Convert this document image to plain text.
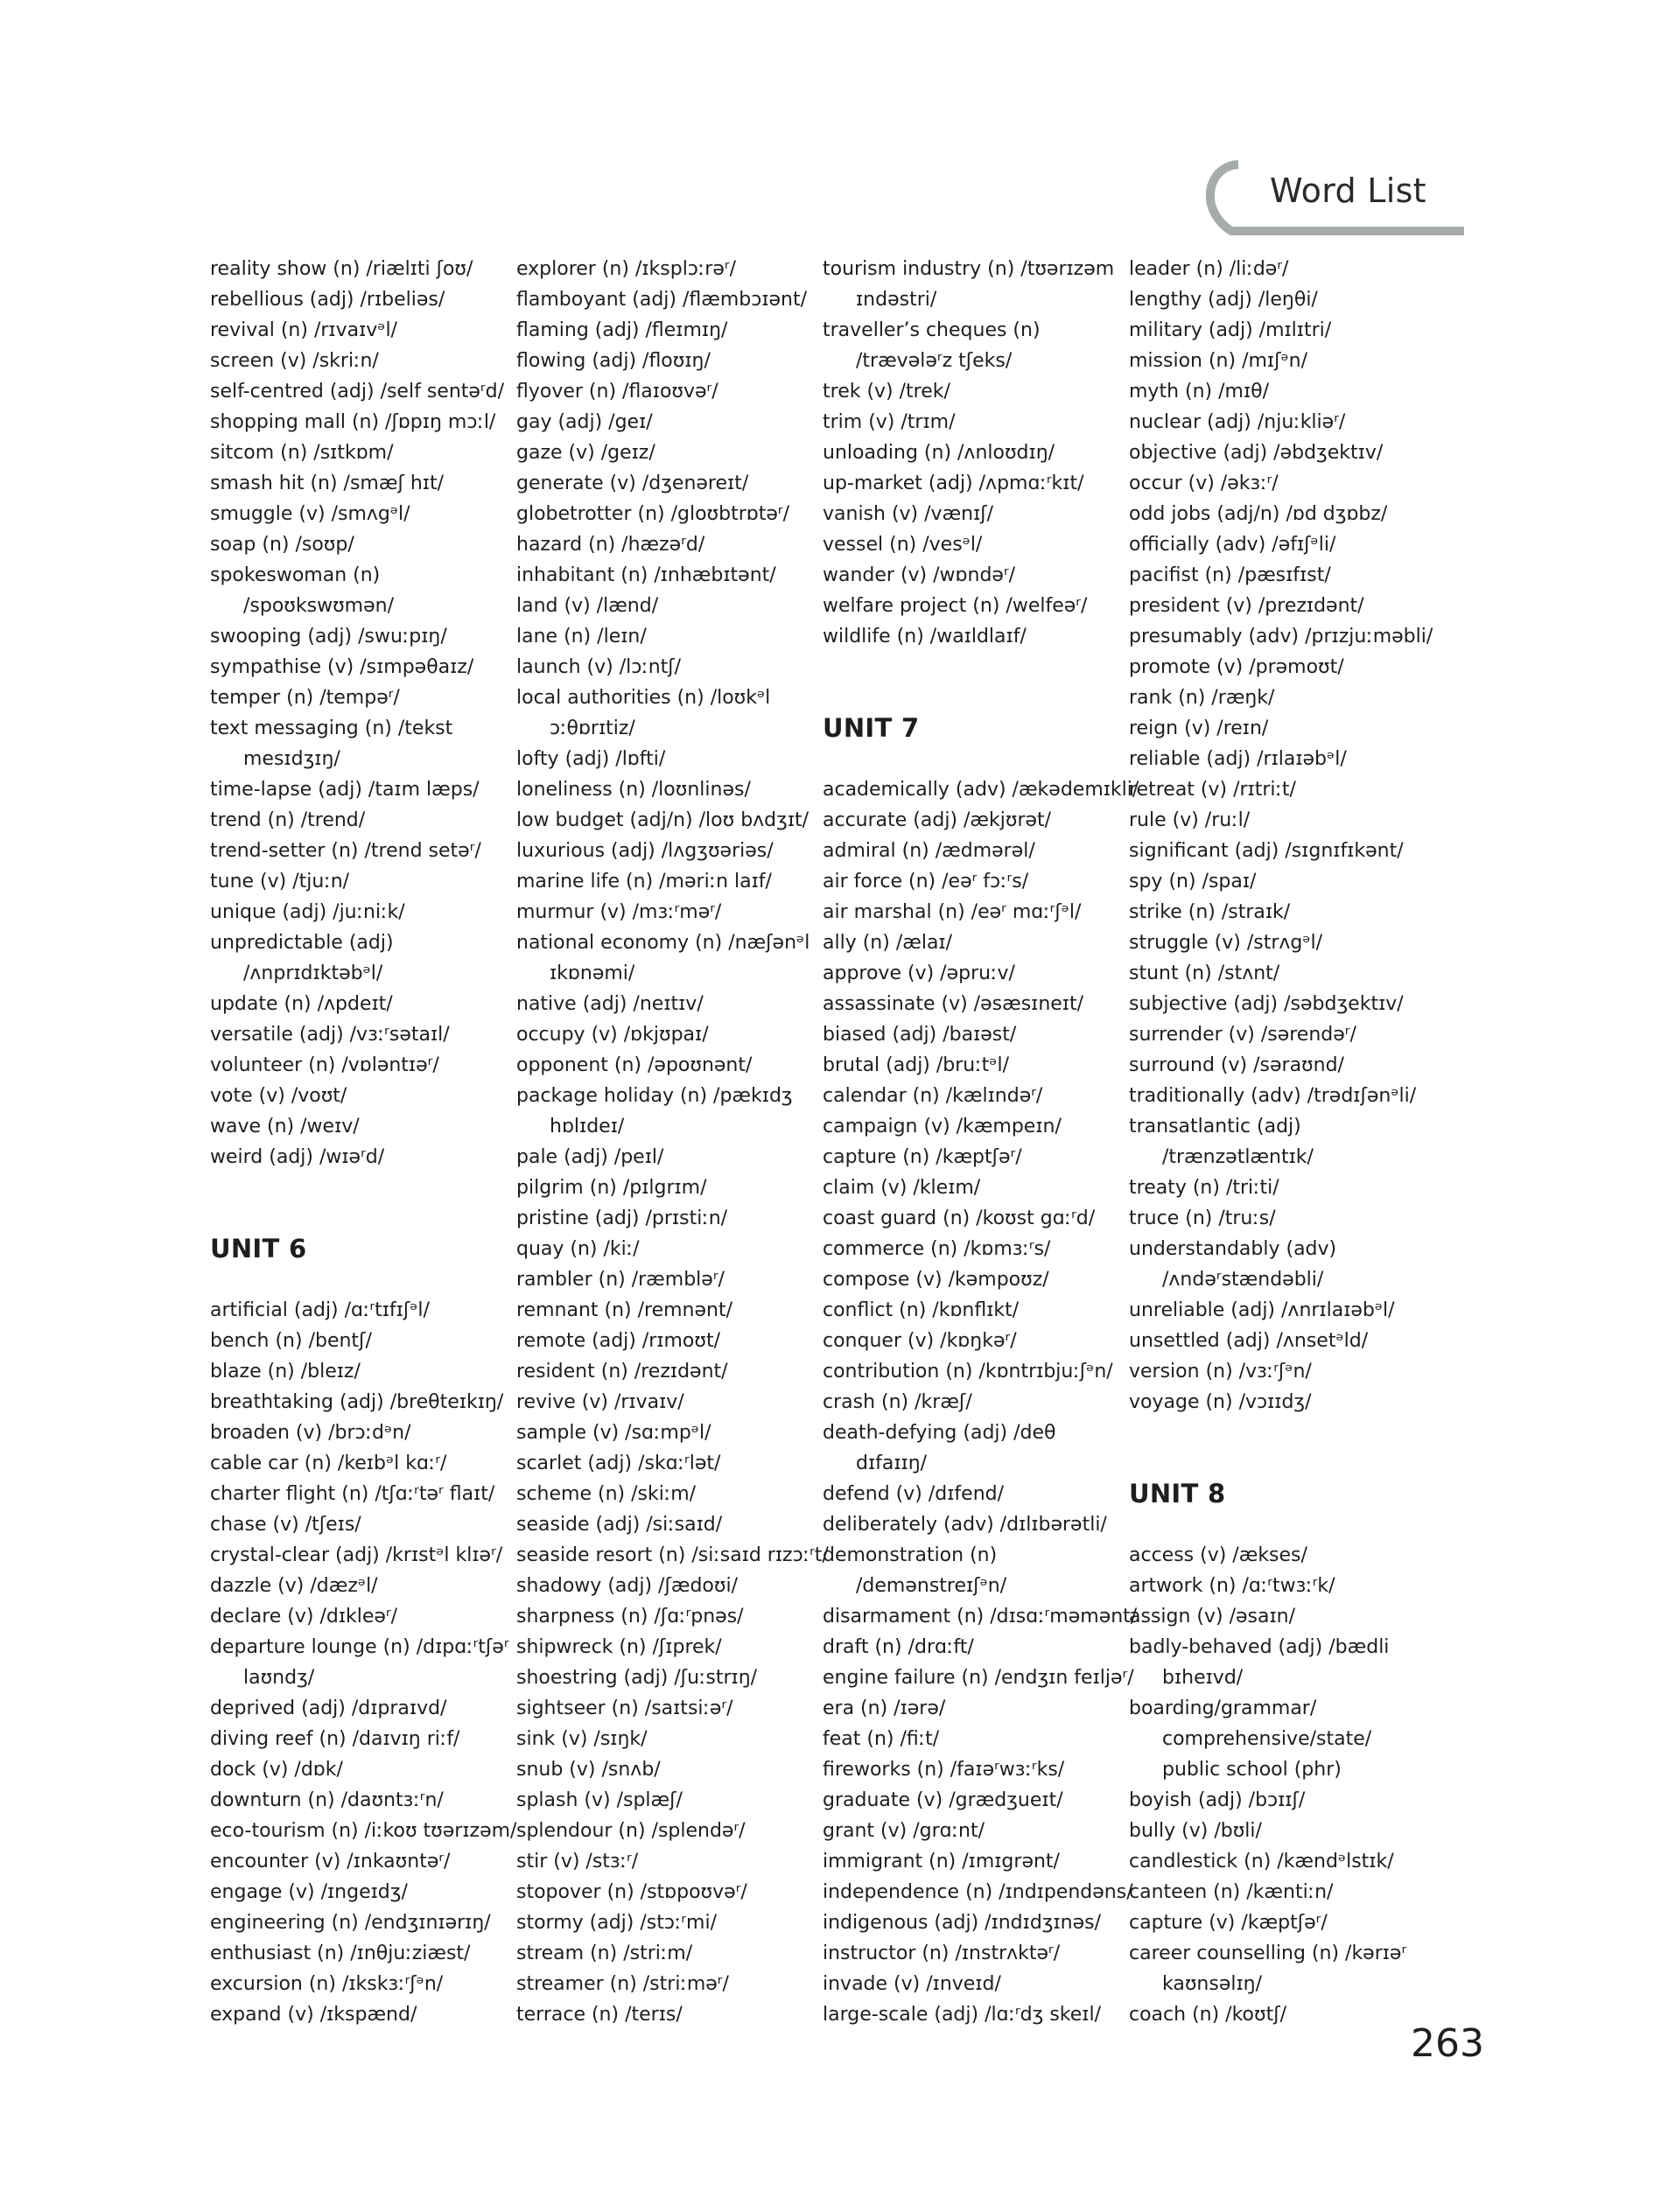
Word List
reality show (n) /riælɪti ʃoʊ/
rebellious (adj) /rɪbeliəs/
revival (n) /rɪvaɪvᵊl/
screen (v) /skriːn/
self-centred (adj) /self sentəʳd/
shopping mall (n) /ʃɒpɪŋ mɔːl/
sitcom (n) /sɪtkɒm/
smash hit (n) /smæʃ hɪt/
smuggle (v) /smʌgᵊl/
soap (n) /soʊp/
spokeswoman (n)
/spoʊkswʊmən/
swooping (adj) /swuːpɪŋ/
sympathise (v) /sɪmpəθaɪz/
temper (n) /tempəʳ/
text messaging (n) /tekst
mesɪdʒɪŋ/
time-lapse (adj) /taɪm læps/
trend (n) /trend/
trend-setter (n) /trend setəʳ/
tune (v) /tjuːn/
unique (adj) /juːniːk/
unpredictable (adj)
/ʌnprɪdɪktəbᵊl/
update (n) /ʌpdeɪt/
versatile (adj) /vɜːʳsətaɪl/
volunteer (n) /vɒləntɪəʳ/
vote (v) /voʊt/
wave (n) /weɪv/
weird (adj) /wɪəʳd/
UNIT 6
artificial (adj) /ɑːʳtɪfɪʃᵊl/
bench (n) /bentʃ/
blaze (n) /bleɪz/
breathtaking (adj) /breθteɪkɪŋ/
broaden (v) /brɔːdᵊn/
cable car (n) /keɪbᵊl kɑːʳ/
charter flight (n) /tʃɑːʳtəʳ flaɪt/
chase (v) /tʃeɪs/
crystal-clear (adj) /krɪstᵊl klɪəʳ/
dazzle (v) /dæzᵊl/
declare (v) /dɪkleəʳ/
departure lounge (n) /dɪpɑːʳtʃəʳ
laʊndʒ/
deprived (adj) /dɪpraɪvd/
diving reef (n) /daɪvɪŋ riːf/
dock (v) /dɒk/
downturn (n) /daʊntɜːʳn/
eco-tourism (n) /iːkoʊ tʊərɪzəm/
encounter (v) /ɪnkaʊntəʳ/
engage (v) /ɪngeɪdʒ/
engineering (n) /endʒɪnɪərɪŋ/
enthusiast (n) /ɪnθjuːziæst/
excursion (n) /ɪkskɜːʳʃᵊn/
expand (v) /ɪkspænd/
explorer (n) /ɪksplɔːrəʳ/
flamboyant (adj) /flæmbɔɪənt/
flaming (adj) /fleɪmɪŋ/
flowing (adj) /floʊɪŋ/
flyover (n) /flaɪoʊvəʳ/
gay (adj) /geɪ/
gaze (v) /geɪz/
generate (v) /dʒenəreɪt/
globetrotter (n) /gloʊbtrɒtəʳ/
hazard (n) /hæzəʳd/
inhabitant (n) /ɪnhæbɪtənt/
land (v) /lænd/
lane (n) /leɪn/
launch (v) /lɔːntʃ/
local authorities (n) /loʊkᵊl
ɔːθɒrɪtiz/
lofty (adj) /lɒfti/
loneliness (n) /loʊnlinəs/
low budget (adj/n) /loʊ bʌdʒɪt/
luxurious (adj) /lʌgʒʊəriəs/
marine life (n) /məriːn laɪf/
murmur (v) /mɜːʳməʳ/
national economy (n) /næʃənᵊl
ɪkɒnəmi/
native (adj) /neɪtɪv/
occupy (v) /ɒkjʊpaɪ/
opponent (n) /əpoʊnənt/
package holiday (n) /pækɪdʒ
hɒlɪdeɪ/
pale (adj) /peɪl/
pilgrim (n) /pɪlgrɪm/
pristine (adj) /prɪstiːn/
quay (n) /kiː/
rambler (n) /ræmbləʳ/
remnant (n) /remnənt/
remote (adj) /rɪmoʊt/
resident (n) /rezɪdənt/
revive (v) /rɪvaɪv/
sample (v) /sɑːmpᵊl/
scarlet (adj) /skɑːʳlət/
scheme (n) /skiːm/
seaside (adj) /siːsaɪd/
seaside resort (n) /siːsaɪd rɪzɔːʳt/
shadowy (adj) /ʃædoʊi/
sharpness (n) /ʃɑːʳpnəs/
shipwreck (n) /ʃɪprek/
shoestring (adj) /ʃuːstrɪŋ/
sightseer (n) /saɪtsiːəʳ/
sink (v) /sɪŋk/
snub (v) /snʌb/
splash (v) /splæʃ/
splendour (n) /splendəʳ/
stir (v) /stɜːʳ/
stopover (n) /stɒpoʊvəʳ/
stormy (adj) /stɔːʳmi/
stream (n) /striːm/
streamer (n) /striːməʳ/
terrace (n) /terɪs/
tourism industry (n) /tʊərɪzəm
ɪndəstri/
traveller’s cheques (n)
/trævələʳz tʃeks/
trek (v) /trek/
trim (v) /trɪm/
unloading (n) /ʌnloʊdɪŋ/
up-market (adj) /ʌpmɑːʳkɪt/
vanish (v) /vænɪʃ/
vessel (n) /vesᵊl/
wander (v) /wɒndəʳ/
welfare project (n) /welfeəʳ/
wildlife (n) /waɪldlaɪf/
UNIT 7
academically (adv) /ækədemɪkli/
accurate (adj) /ækjʊrət/
admiral (n) /ædmərəl/
air force (n) /eəʳ fɔːʳs/
air marshal (n) /eəʳ mɑːʳʃᵊl/
ally (n) /ælaɪ/
approve (v) /əpruːv/
assassinate (v) /əsæsɪneɪt/
biased (adj) /baɪəst/
brutal (adj) /bruːtᵊl/
calendar (n) /kælɪndəʳ/
campaign (v) /kæmpeɪn/
capture (n) /kæptʃəʳ/
claim (v) /kleɪm/
coast guard (n) /koʊst gɑːʳd/
commerce (n) /kɒmɜːʳs/
compose (v) /kəmpoʊz/
conflict (n) /kɒnflɪkt/
conquer (v) /kɒŋkəʳ/
contribution (n) /kɒntrɪbjuːʃᵊn/
crash (n) /kræʃ/
death-defying (adj) /deθ
dɪfaɪɪŋ/
defend (v) /dɪfend/
deliberately (adv) /dɪlɪbərətli/
demonstration (n)
/demənstreɪʃᵊn/
disarmament (n) /dɪsɑːʳməmənt/
draft (n) /drɑːft/
engine failure (n) /endʒɪn feɪljəʳ/
era (n) /ɪərə/
feat (n) /fiːt/
fireworks (n) /faɪəʳwɜːʳks/
graduate (v) /grædʒueɪt/
grant (v) /grɑːnt/
immigrant (n) /ɪmɪgrənt/
independence (n) /ɪndɪpendəns/
indigenous (adj) /ɪndɪdʒɪnəs/
instructor (n) /ɪnstrʌktəʳ/
invade (v) /ɪnveɪd/
large-scale (adj) /lɑːʳdʒ skeɪl/
leader (n) /liːdəʳ/
lengthy (adj) /leŋθi/
military (adj) /mɪlɪtri/
mission (n) /mɪʃᵊn/
myth (n) /mɪθ/
nuclear (adj) /njuːkliəʳ/
objective (adj) /əbdʒektɪv/
occur (v) /əkɜːʳ/
odd jobs (adj/n) /ɒd dʒɒbz/
officially (adv) /əfɪʃᵊli/
pacifist (n) /pæsɪfɪst/
president (v) /prezɪdənt/
presumably (adv) /prɪzjuːməbli/
promote (v) /prəmoʊt/
rank (n) /ræŋk/
reign (v) /reɪn/
reliable (adj) /rɪlaɪəbᵊl/
retreat (v) /rɪtriːt/
rule (v) /ruːl/
significant (adj) /sɪgnɪfɪkənt/
spy (n) /spaɪ/
strike (n) /straɪk/
struggle (v) /strʌgᵊl/
stunt (n) /stʌnt/
subjective (adj) /səbdʒektɪv/
surrender (v) /sərendəʳ/
surround (v) /səraʊnd/
traditionally (adv) /trədɪʃənᵊli/
transatlantic (adj)
/trænzətlæntɪk/
treaty (n) /triːti/
truce (n) /truːs/
understandably (adv)
/ʌndəʳstændəbli/
unreliable (adj) /ʌnrɪlaɪəbᵊl/
unsettled (adj) /ʌnsetᵊld/
version (n) /vɜːʳʃᵊn/
voyage (n) /vɔɪɪdʒ/
UNIT 8
access (v) /ækses/
artwork (n) /ɑːʳtwɜːʳk/
assign (v) /əsaɪn/
badly-behaved (adj) /bædli
bɪheɪvd/
boarding/grammar/
comprehensive/state/
public school (phr)
boyish (adj) /bɔɪɪʃ/
bully (v) /bʊli/
candlestick (n) /kændᵊlstɪk/
canteen (n) /kæntiːn/
capture (v) /kæptʃəʳ/
career counselling (n) /kərɪəʳ
kaʊnsəlɪŋ/
coach (n) /koʊtʃ/
263
